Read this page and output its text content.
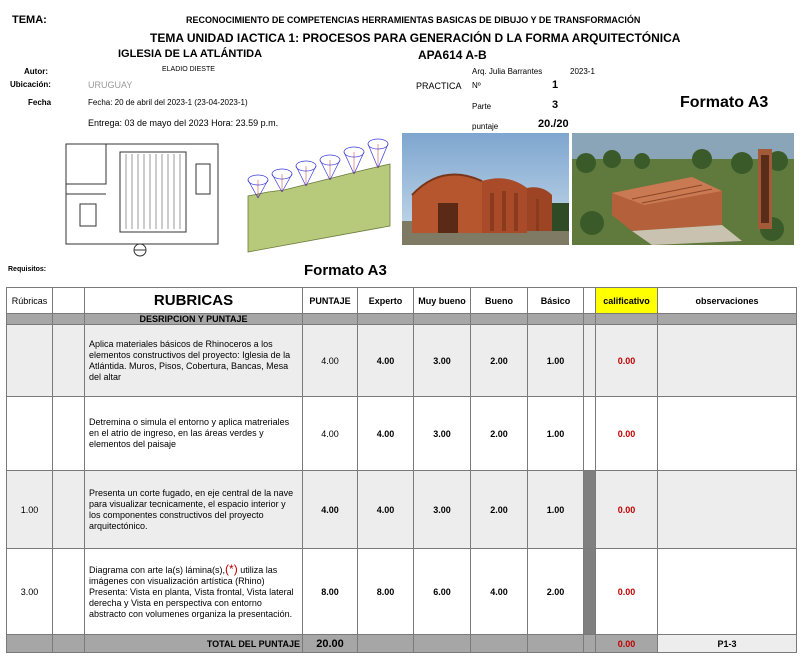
TEMA:	RECONOCIMIENTO DE COMPETENCIAS HERRAMIENTAS BASICAS DE DIBUJO Y DE TRANSFORMACIÓN
TEMA UNIDAD IACTICA 1: PROCESOS PARA GENERACIÓN D LA FORMA ARQUITECTÓNICA
IGLESIA DE LA ATLÁNTIDA	APA614 A-B
Autor:	ELADIO DIESTE
Ubicación:	URUGUAY
Fecha	Fecha: 20 de abril del 2023-1 (23-04-2023-1)
Entrega: 03 de mayo del 2023 Hora: 23.59 p.m.
Arq. Julia Barrantes	2023-1
PRACTICA Nº	1
Parte	3
puntaje	20./20
Formato A3
Requisitos:	Formato A3
Rúbricas		RUBRICAS	PUNTAJE	Experto	Muy bueno	Bueno	Básico		calificativo	observaciones
		DESRIPCION Y PUNTAJE								
		Aplica materiales básicos de Rhinoceros a los elementos constructivos del proyecto: Iglesia de la Atlántida. Muros, Pisos, Cobertura, Bancas, Mesa del altar	4.00	4.00	3.00	2.00	1.00		0.00	
		Detremina o simula el entorno y aplica matreriales en el atrio de ingreso, en las áreas verdes y elementos del paisaje	4.00	4.00	3.00	2.00	1.00		0.00	
1.00		Presenta un corte fugado, en eje central de la nave para visualizar tecnicamente, el espacio interior y los componentes constructivos del proyecto arquitectónico.	4.00	4.00	3.00	2.00	1.00		0.00	
3.00		Diagrama con arte la(s) lámina(s),(*) utiliza las imágenes con visualización artística (Rhino) Presenta: Vista en planta, Vista frontal, Vista lateral derecha y Vista en perspectiva con entorno abstracto con volumenes organiza la presentación.	8.00	8.00	6.00	4.00	2.00		0.00	
		TOTAL DEL PUNTAJE	20.00						0.00	P1-3
